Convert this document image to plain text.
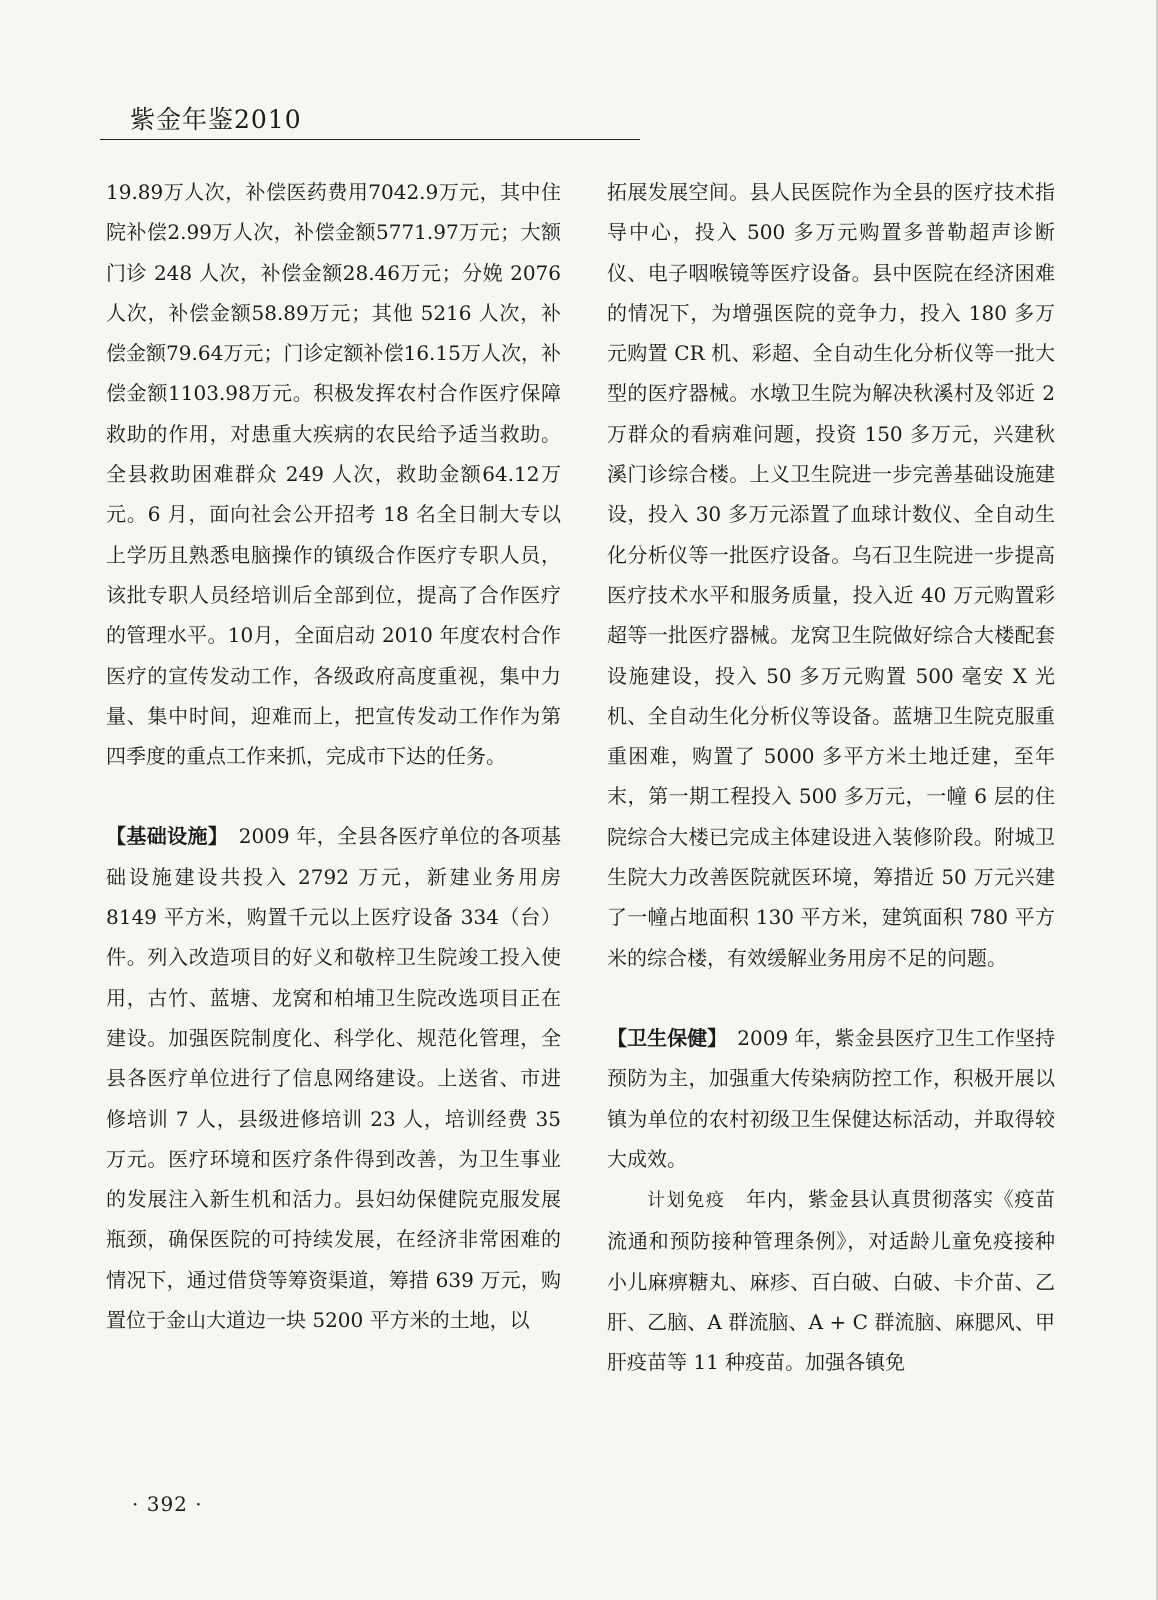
紫金年鉴2010

19.89万人次，补偿医药费用7042.9万元，其中住院补偿2.99万人次，补偿金额5771.97万元；大额门诊 248 人次，补偿金额28.46万元；分娩 2076 人次，补偿金额58.89万元；其他 5216 人次，补偿金额79.64万元；门诊定额补偿16.15万人次，补偿金额1103.98万元。积极发挥农村合作医疗保障救助的作用，对患重大疾病的农民给予适当救助。全县救助困难群众 249 人次，救助金额64.12万元。6 月，面向社会公开招考 18 名全日制大专以上学历且熟悉电脑操作的镇级合作医疗专职人员，该批专职人员经培训后全部到位，提高了合作医疗的管理水平。10月，全面启动 2010 年度农村合作医疗的宣传发动工作，各级政府高度重视，集中力量、集中时间，迎难而上，把宣传发动工作作为第四季度的重点工作来抓，完成市下达的任务。

【基础设施】　2009 年，全县各医疗单位的各项基础设施建设共投入 2792 万元，新建业务用房 8149 平方米，购置千元以上医疗设备 334（台）件。列入改造项目的好义和敬梓卫生院竣工投入使用，古竹、蓝塘、龙窝和柏埔卫生院改选项目正在建设。加强医院制度化、科学化、规范化管理，全县各医疗单位进行了信息网络建设。上送省、市进修培训 7 人，县级进修培训 23 人，培训经费 35 万元。医疗环境和医疗条件得到改善，为卫生事业的发展注入新生机和活力。县妇幼保健院克服发展瓶颈，确保医院的可持续发展，在经济非常困难的情况下，通过借贷等筹资渠道，筹措 639 万元，购置位于金山大道边一块 5200 平方米的土地，以

拓展发展空间。县人民医院作为全县的医疗技术指导中心，投入 500 多万元购置多普勒超声诊断仪、电子咽喉镜等医疗设备。县中医院在经济困难的情况下，为增强医院的竞争力，投入 180 多万元购置 CR 机、彩超、全自动生化分析仪等一批大型的医疗器械。水墩卫生院为解决秋溪村及邻近 2 万群众的看病难问题，投资 150 多万元，兴建秋溪门诊综合楼。上义卫生院进一步完善基础设施建设，投入 30 多万元添置了血球计数仪、全自动生化分析仪等一批医疗设备。乌石卫生院进一步提高医疗技术水平和服务质量，投入近 40 万元购置彩超等一批医疗器械。龙窝卫生院做好综合大楼配套设施建设，投入 50 多万元购置 500 毫安 X 光机、全自动生化分析仪等设备。蓝塘卫生院克服重重困难，购置了 5000 多平方米土地迁建，至年末，第一期工程投入 500 多万元，一幢 6 层的住院综合大楼已完成主体建设进入装修阶段。附城卫生院大力改善医院就医环境，筹措近 50 万元兴建了一幢占地面积 130 平方米，建筑面积 780 平方米的综合楼，有效缓解业务用房不足的问题。

【卫生保健】　2009 年，紫金县医疗卫生工作坚持预防为主，加强重大传染病防控工作，积极开展以镇为单位的农村初级卫生保健达标活动，并取得较大成效。

计划免疫　年内，紫金县认真贯彻落实《疫苗流通和预防接种管理条例》，对适龄儿童免疫接种小儿麻痹糖丸、麻疹、百白破、白破、卡介苗、乙肝、乙脑、A 群流脑、A + C 群流脑、麻腮风、甲肝疫苗等 11 种疫苗。加强各镇免

· 392 ·
